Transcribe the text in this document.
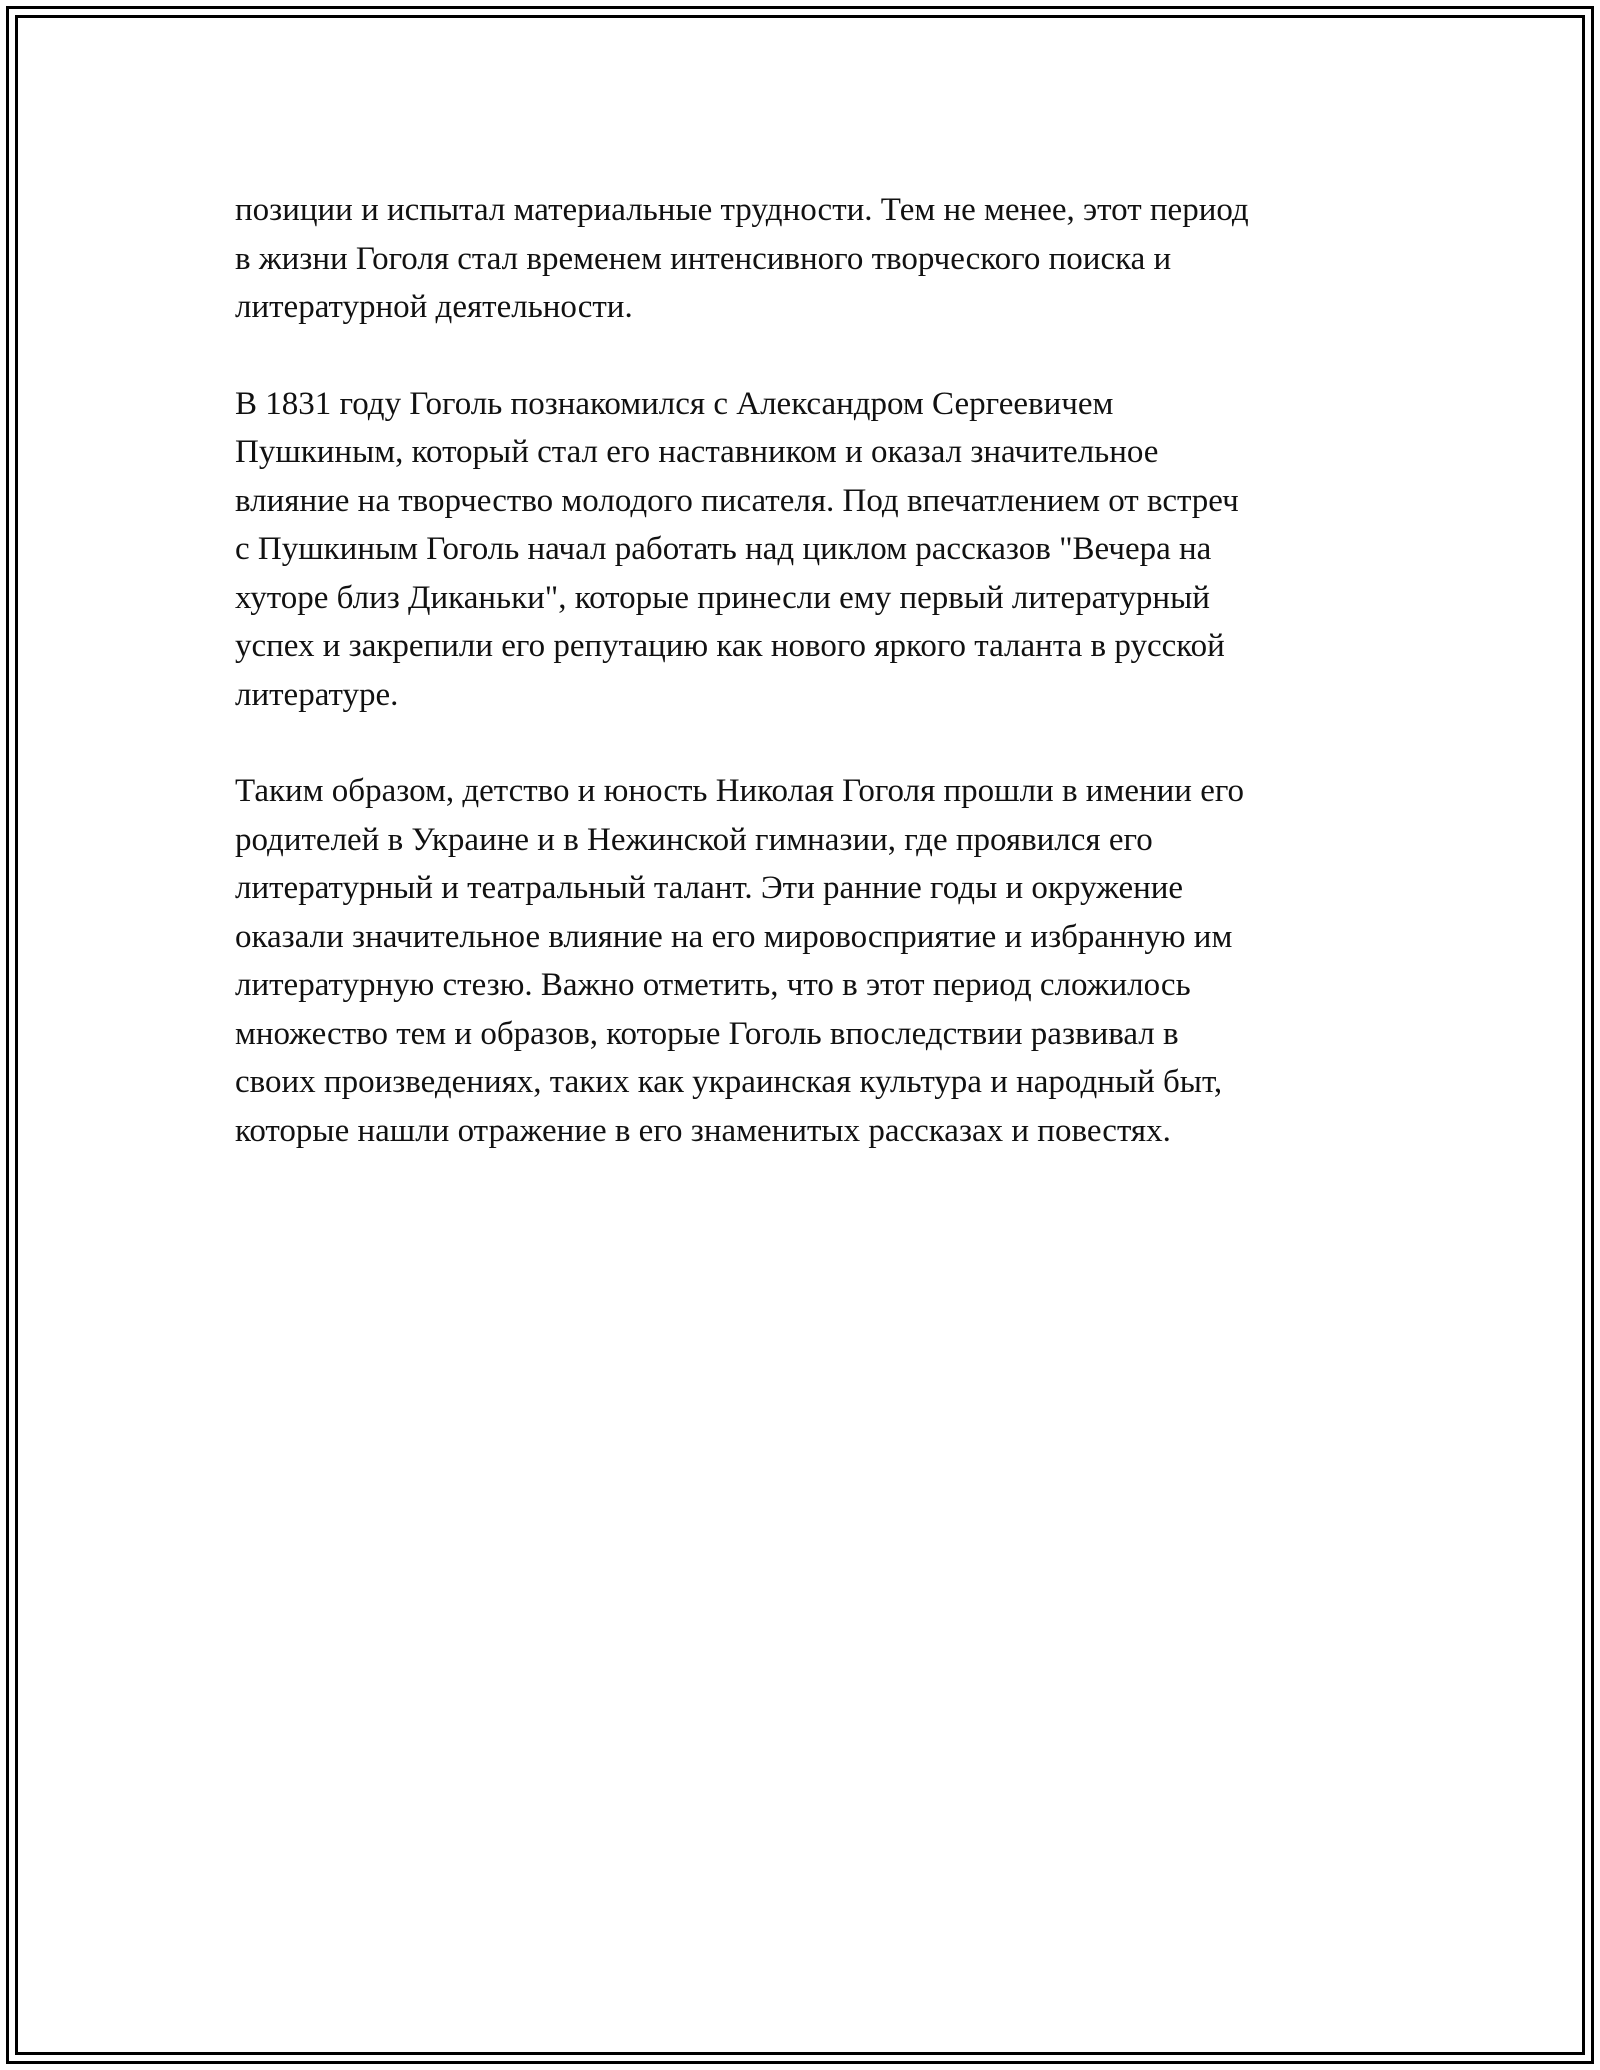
позиции и испытал материальные трудности. Тем не менее, этот период
в жизни Гоголя стал временем интенсивного творческого поиска и
литературной деятельности.

В 1831 году Гоголь познакомился с Александром Сергеевичем
Пушкиным, который стал его наставником и оказал значительное
влияние на творчество молодого писателя. Под впечатлением от встреч
с Пушкиным Гоголь начал работать над циклом рассказов "Вечера на
хуторе близ Диканьки", которые принесли ему первый литературный
успех и закрепили его репутацию как нового яркого таланта в русской
литературе.

Таким образом, детство и юность Николая Гоголя прошли в имении его
родителей в Украине и в Нежинской гимназии, где проявился его
литературный и театральный талант. Эти ранние годы и окружение
оказали значительное влияние на его мировосприятие и избранную им
литературную стезю. Важно отметить, что в этот период сложилось
множество тем и образов, которые Гоголь впоследствии развивал в
своих произведениях, таких как украинская культура и народный быт,
которые нашли отражение в его знаменитых рассказах и повестях.
